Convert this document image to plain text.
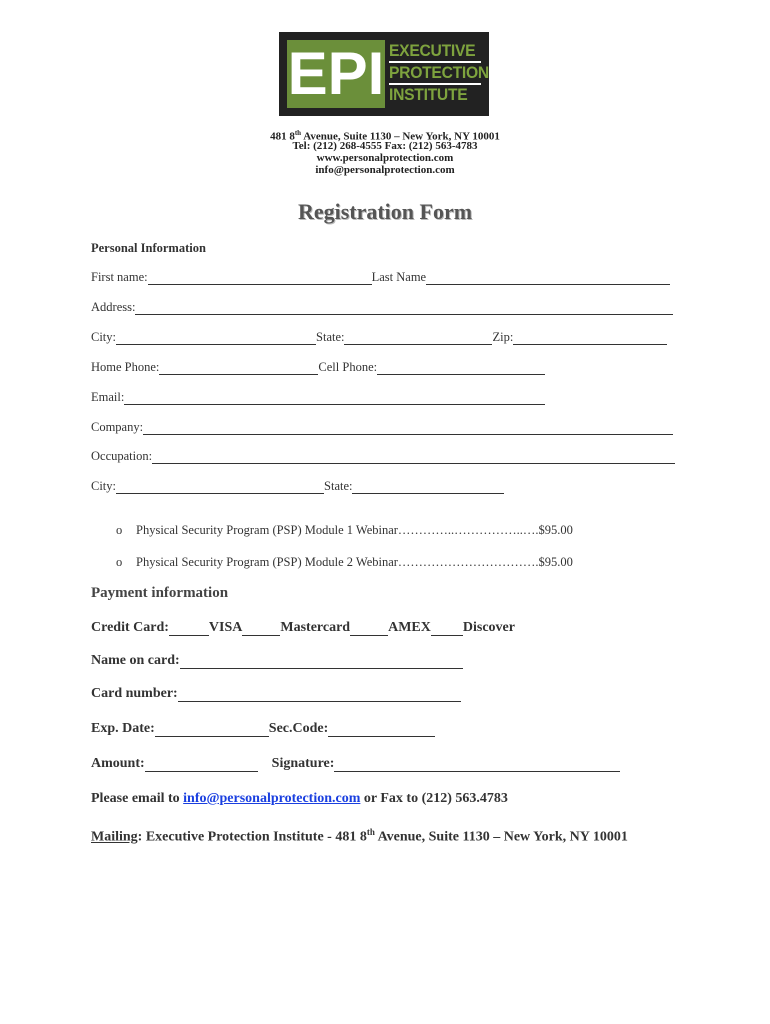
EPI EXECUTIVE
PROTECTION
INSTITUTE
481 8th Avenue, Suite 1130 – New York, NY 10001
Tel: (212) 268-4555 Fax: (212) 563-4783
www.personalprotection.com
info@personalprotection.com
Registration Form
Personal Information
First name:	Last Name
Address:
City:	State:	Zip:
Home Phone:	Cell Phone:
Email:
Company:
Occupation:
City:	State:
o Physical Security Program (PSP) Module 1 Webinar…………..……………..….$95.00
o Physical Security Program (PSP) Module 2 Webinar…………………………….$95.00
Payment information
Credit Card:	VISA	Mastercard	AMEX Discover
Name on card:
Card number:
Exp. Date:	Sec.Code:
Amount:	Signature:
Please email to info@personalprotection.com or Fax to (212) 563.4783
Mailing: Executive Protection Institute - 481 8th Avenue, Suite 1130 – New York, NY 10001
